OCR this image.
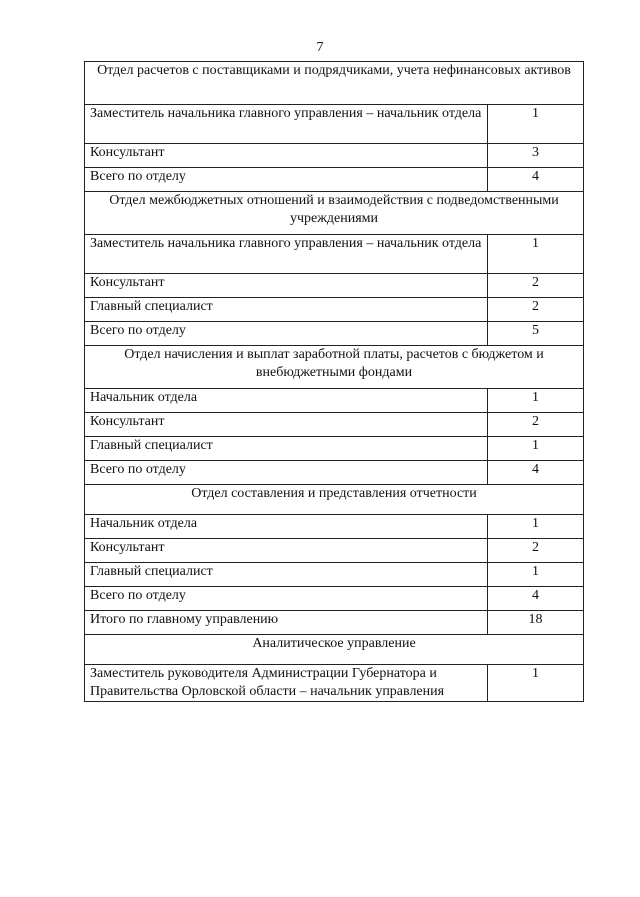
7
Отдел расчетов с поставщиками и подрядчиками, учета нефинансовых активов	
Заместитель начальника главного управления – начальник отдела	1
Консультант	3
Всего по отделу	4
Отдел межбюджетных отношений и взаимодействия с подведомственными учреждениями	
Заместитель начальника главного управления – начальник отдела	1
Консультант	2
Главный специалист	2
Всего по отделу	5
Отдел начисления и выплат заработной платы, расчетов с бюджетом и внебюджетными фондами	
Начальник отдела	1
Консультант	2
Главный специалист	1
Всего по отделу	4
Отдел составления и представления отчетности	
Начальник отдела	1
Консультант	2
Главный специалист	1
Всего по отделу	4
Итого по главному управлению	18
Аналитическое управление	
Заместитель руководителя Администрации Губернатора и Правительства Орловской области – начальник управления	1
